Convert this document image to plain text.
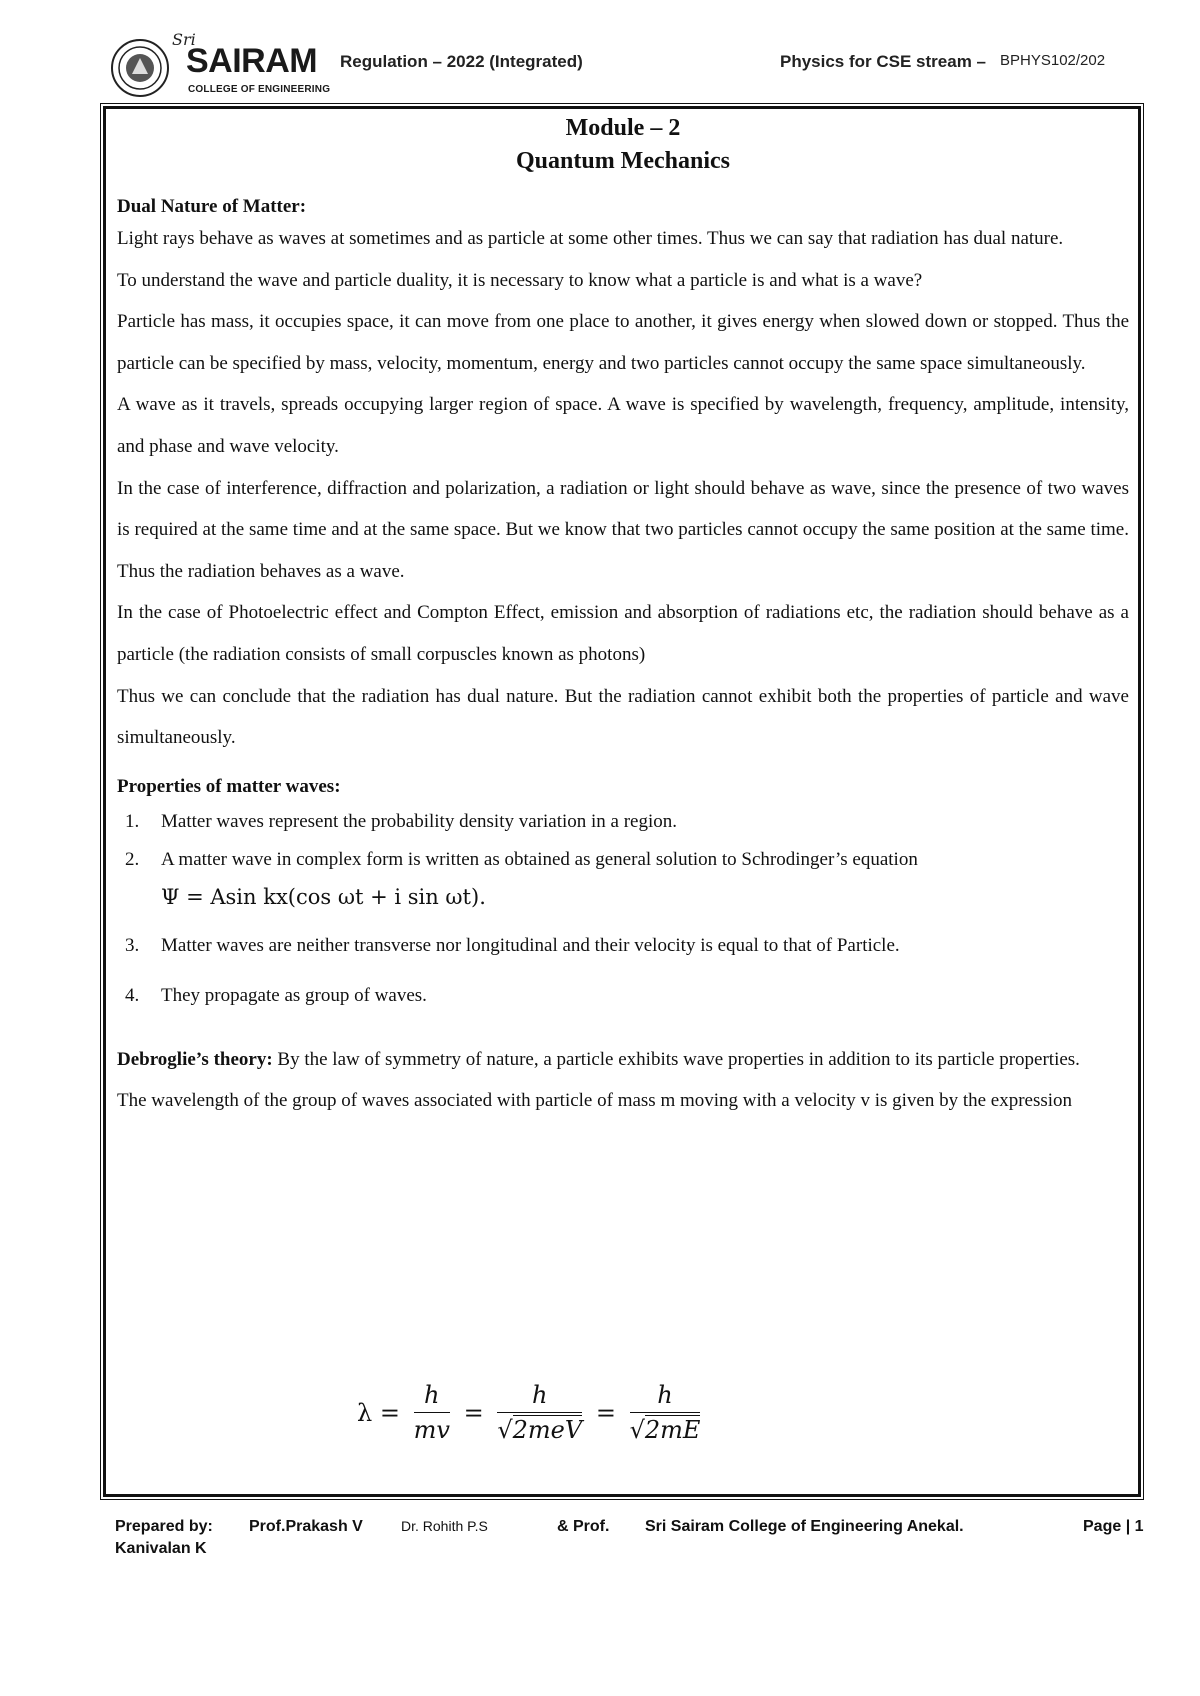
Sri
SAIRAM
COLLEGE OF ENGINEERING
Regulation – 2022 (Integrated)	Physics for CSE stream – BPHYS102/202
Module – 2
Quantum Mechanics
Dual Nature of Matter:

Light rays behave as waves at sometimes and as particle at some other times. Thus we can say that radiation has dual nature.

To understand the wave and particle duality, it is necessary to know what a particle is and what is a wave?

Particle has mass, it occupies space, it can move from one place to another, it gives energy when slowed down or stopped. Thus the particle can be specified by mass, velocity, momentum, energy and two particles cannot occupy the same space simultaneously.

A wave as it travels, spreads occupying larger region of space. A wave is specified by wavelength, frequency, amplitude, intensity, and phase and wave velocity.

In the case of interference, diffraction and polarization, a radiation or light should behave as wave, since the presence of two waves is required at the same time and at the same space. But we know that two particles cannot occupy the same position at the same time. Thus the radiation behaves as a wave.

In the case of Photoelectric effect and Compton Effect, emission and absorption of radiations etc, the radiation should behave as a particle (the radiation consists of small corpuscles known as photons)

Thus we can conclude that the radiation has dual nature. But the radiation cannot exhibit both the properties of particle and wave simultaneously.

Properties of matter waves:
1. Matter waves represent the probability density variation in a region.
2. A matter wave in complex form is written as obtained as general solution to Schrodinger’s equation
Ψ = Asin kx(cos ωt + i sin ωt).
3. Matter waves are neither transverse nor longitudinal and their velocity is equal to that of Particle.
4. They propagate as group of waves.

Debroglie’s theory: By the law of symmetry of nature, a particle exhibits wave properties in addition to its particle properties.

The wavelength of the group of waves associated with particle of mass m moving with a velocity v is given by the expression

$\lambda = \frac{h}{mv}$ =
h
√2meV
= $\frac{h}{√2mE}$
Prepared by: Prof.Prakash V	Dr. Rohith P.S	& Prof. Sri Sairam College of Engineering Anekal.	Page | 1
Kanivalan K
